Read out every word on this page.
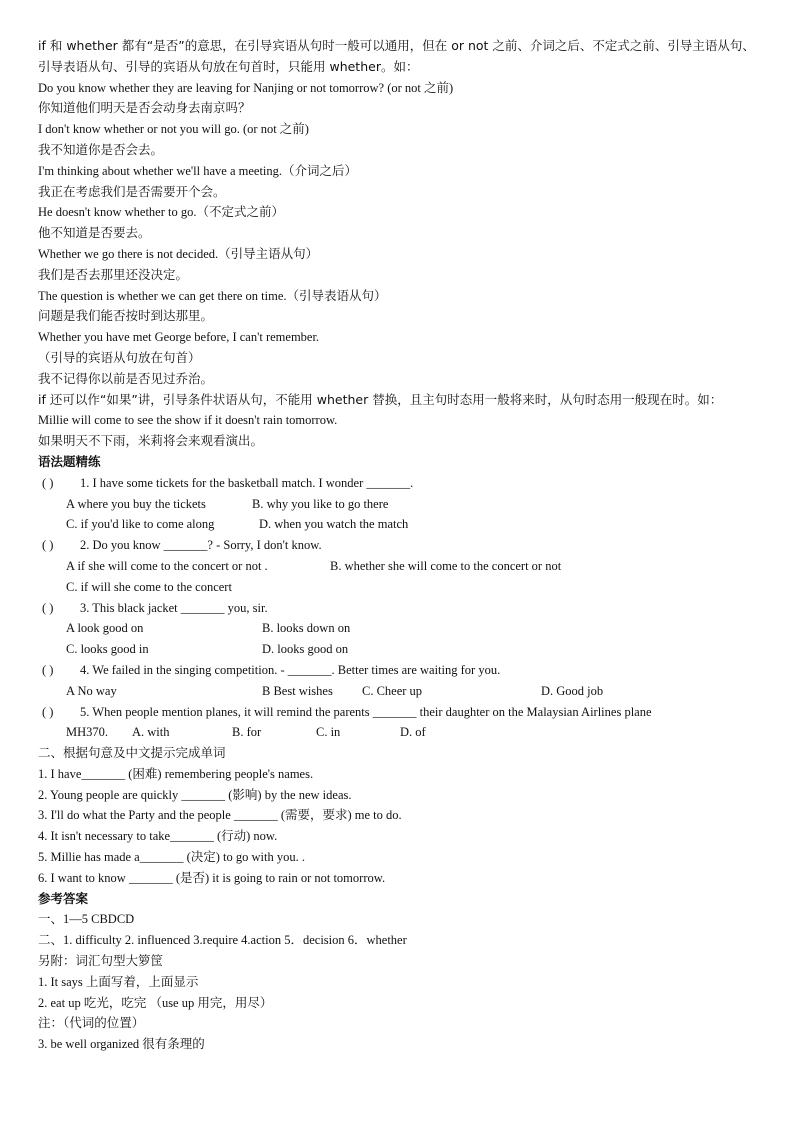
if 和 whether 都有“是否”的意思，在引导宾语从句时一般可以通用，但在 or not 之前、介词之后、不定式之前、引导主语从句、引导表语从句、引导的宾语从句放在句首时，只能用 whether。如：
Do you know whether they are leaving for Nanjing or not tomorrow? (or not 之前)
你知道他们明天是否会动身去南京吗？
I don't know whether or not you will go. (or not 之前)
我不知道你是否会去。
I'm thinking about whether we'll have a meeting.（介词之后）
我正在考虑我们是否需要开个会。
He doesn't know whether to go.（不定式之前）
他不知道是否要去。
Whether we go there is not decided.（引导主语从句）
我们是否去那里还没决定。
The question is whether we can get there on time.（引导表语从句）
问题是我们能否按时到达那里。
Whether you have met George before, I can't remember.
（引导的宾语从句放在句首）
我不记得你以前是否见过乔治。
if 还可以作“如果”讲，引导条件状语从句，不能用 whether 替换，且主句时态用一般将来时，从句时态用一般现在时。如：
Millie will come to see the show if it doesn't rain tomorrow.
如果明天不下雨，米莉将会来观看演出。
语法题精练
( ) 1. I have some tickets for the basketball match. I wonder _______.
A where you buy the tickets	B. why you like to go there
C. if you'd like to come along	D. when you watch the match
( ) 2. Do you know _______? - Sorry, I don't know.
A if she will come to the concert or not .	B. whether she will come to the concert or not
C. if will she come to the concert
( ) 3. This black jacket _______ you, sir.
A look good on	B. looks down on
C. looks good in	D. looks good on
( ) 4. We failed in the singing competition. - _______. Better times are waiting for you.
A No way	B Best wishes C. Cheer up	D. Good job
( ) 5. When people mention planes, it will remind the parents _______ their daughter on the Malaysian Airlines plane
MH370. A. with	B. for	C. in	D. of
二、根据句意及中文提示完成单词
1. I have_______ (困难) remembering people's names.
2. Young people are quickly _______ (影响) by the new ideas.
3. I'll do what the Party and the people _______ (需要，要求) me to do.
4. It isn't necessary to take_______ (行动) now.
5. Millie has made a_______ (决定) to go with you. .
6. I want to know _______ (是否) it is going to rain or not tomorrow.
参考答案
一、1—5 CBDCD
二、1. difficulty 2. influenced 3.require 4.action 5．decision 6．whether
另附：词汇句型大箩筐
1. It says 上面写着，上面显示
2. eat up 吃光，吃完 （use up 用完，用尽）
注：（代词的位置）
3. be well organized 很有条理的
